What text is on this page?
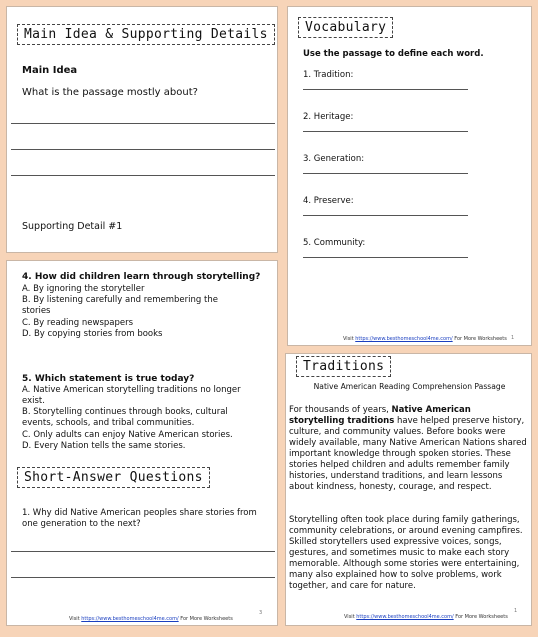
Main Idea & Supporting Details
Main Idea
What is the passage mostly about?
Supporting Detail #1
Vocabulary
Use the passage to define each word.
1. Tradition:
2. Heritage:
3. Generation:
4. Preserve:
5. Community:
Visit https://www.besthomeschool4me.com/ For More Worksheets 1
4. How did children learn through storytelling?
A. By ignoring the storyteller
B. By listening carefully and remembering the stories
C. By reading newspapers
D. By copying stories from books
5. Which statement is true today?
A. Native American storytelling traditions no longer exist.
B. Storytelling continues through books, cultural events, schools, and tribal communities.
C. Only adults can enjoy Native American stories.
D. Every Nation tells the same stories.
Short-Answer Questions
1. Why did Native American peoples share stories from one generation to the next?
Visit https://www.besthomeschool4me.com/ For More Worksheets
3
Traditions
Native American Reading Comprehension Passage
For thousands of years, Native American storytelling traditions have helped preserve history, culture, and community values. Before books were widely available, many Native American Nations shared important knowledge through spoken stories. These stories helped children and adults remember family histories, understand traditions, and learn lessons about kindness, honesty, courage, and respect.
Storytelling often took place during family gatherings, community celebrations, or around evening campfires. Skilled storytellers used expressive voices, songs, gestures, and sometimes music to make each story memorable. Although some stories were entertaining, many also explained how to solve problems, work together, and care for nature.
Visit https://www.besthomeschool4me.com/ For More Worksheets
1
